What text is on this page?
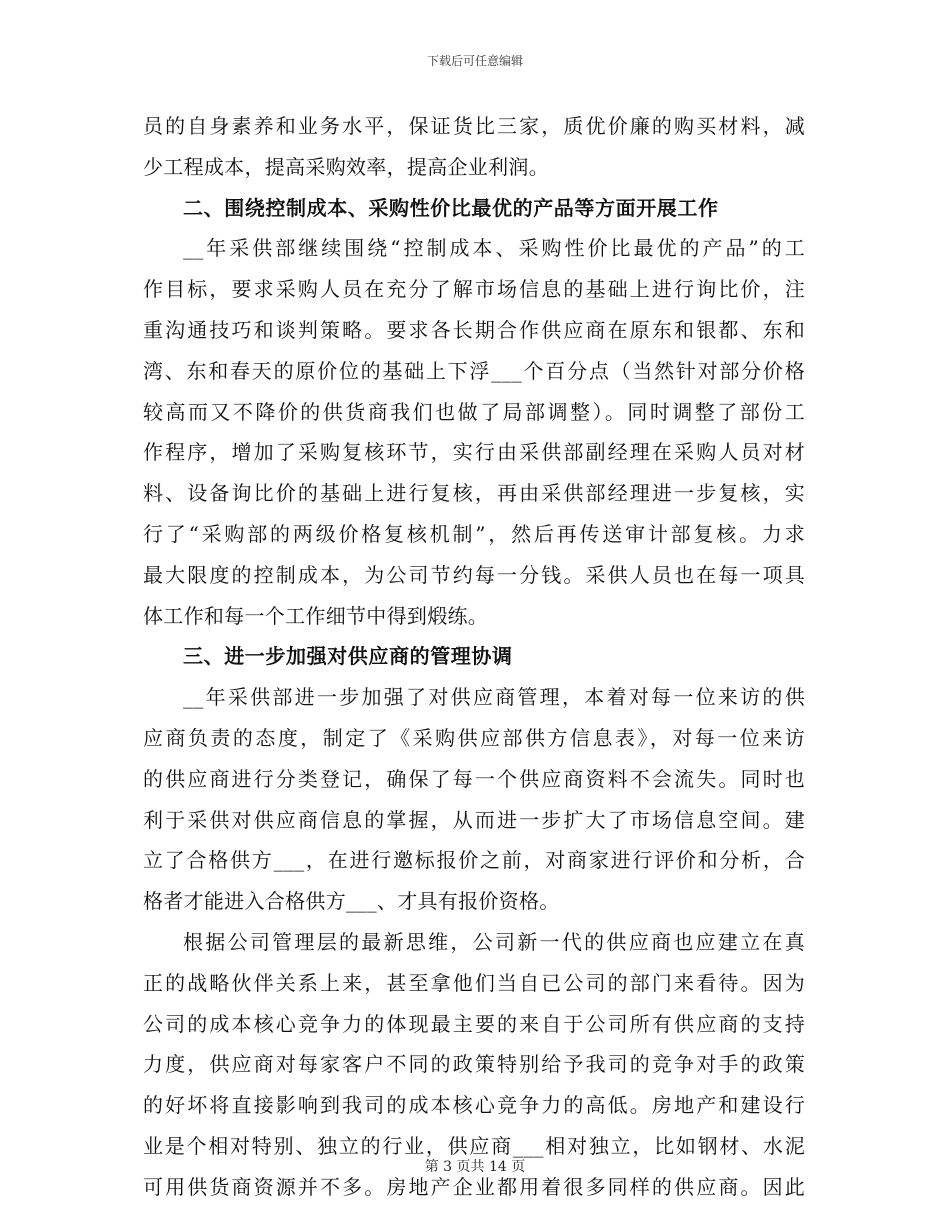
下载后可任意编辑
员的自身素养和业务水平，保证货比三家，质优价廉的购买材料，减
少工程成本，提高采购效率，提高企业利润。
二、围绕控制成本、采购性价比最优的产品等方面开展工作
__年采供部继续围绕“控制成本、采购性价比最优的产品”的工
作目标，要求采购人员在充分了解市场信息的基础上进行询比价，注
重沟通技巧和谈判策略。要求各长期合作供应商在原东和银都、东和
湾、东和春天的原价位的基础上下浮___个百分点（当然针对部分价格
较高而又不降价的供货商我们也做了局部调整）。同时调整了部份工
作程序，增加了采购复核环节，实行由采供部副经理在采购人员对材
料、设备询比价的基础上进行复核，再由采供部经理进一步复核，实
行了“采购部的两级价格复核机制”，然后再传送审计部复核。力求
最大限度的控制成本，为公司节约每一分钱。采供人员也在每一项具
体工作和每一个工作细节中得到煅练。
三、进一步加强对供应商的管理协调
__年采供部进一步加强了对供应商管理，本着对每一位来访的供
应商负责的态度，制定了《采购供应部供方信息表》，对每一位来访
的供应商进行分类登记，确保了每一个供应商资料不会流失。同时也
利于采供对供应商信息的掌握，从而进一步扩大了市场信息空间。建
立了合格供方___，在进行邀标报价之前，对商家进行评价和分析，合
格者才能进入合格供方___、才具有报价资格。
根据公司管理层的最新思维，公司新一代的供应商也应建立在真
正的战略伙伴关系上来，甚至拿他们当自已公司的部门来看待。因为
公司的成本核心竞争力的体现最主要的来自于公司所有供应商的支持
力度，供应商对每家客户不同的政策特别给予我司的竞争对手的政策
的好坏将直接影响到我司的成本核心竞争力的高低。房地产和建设行
业是个相对特别、独立的行业，供应商___相对独立，比如钢材、水泥
可用供货商资源并不多。房地产企业都用着很多同样的供应商。因此
第 3 页共 14 页
